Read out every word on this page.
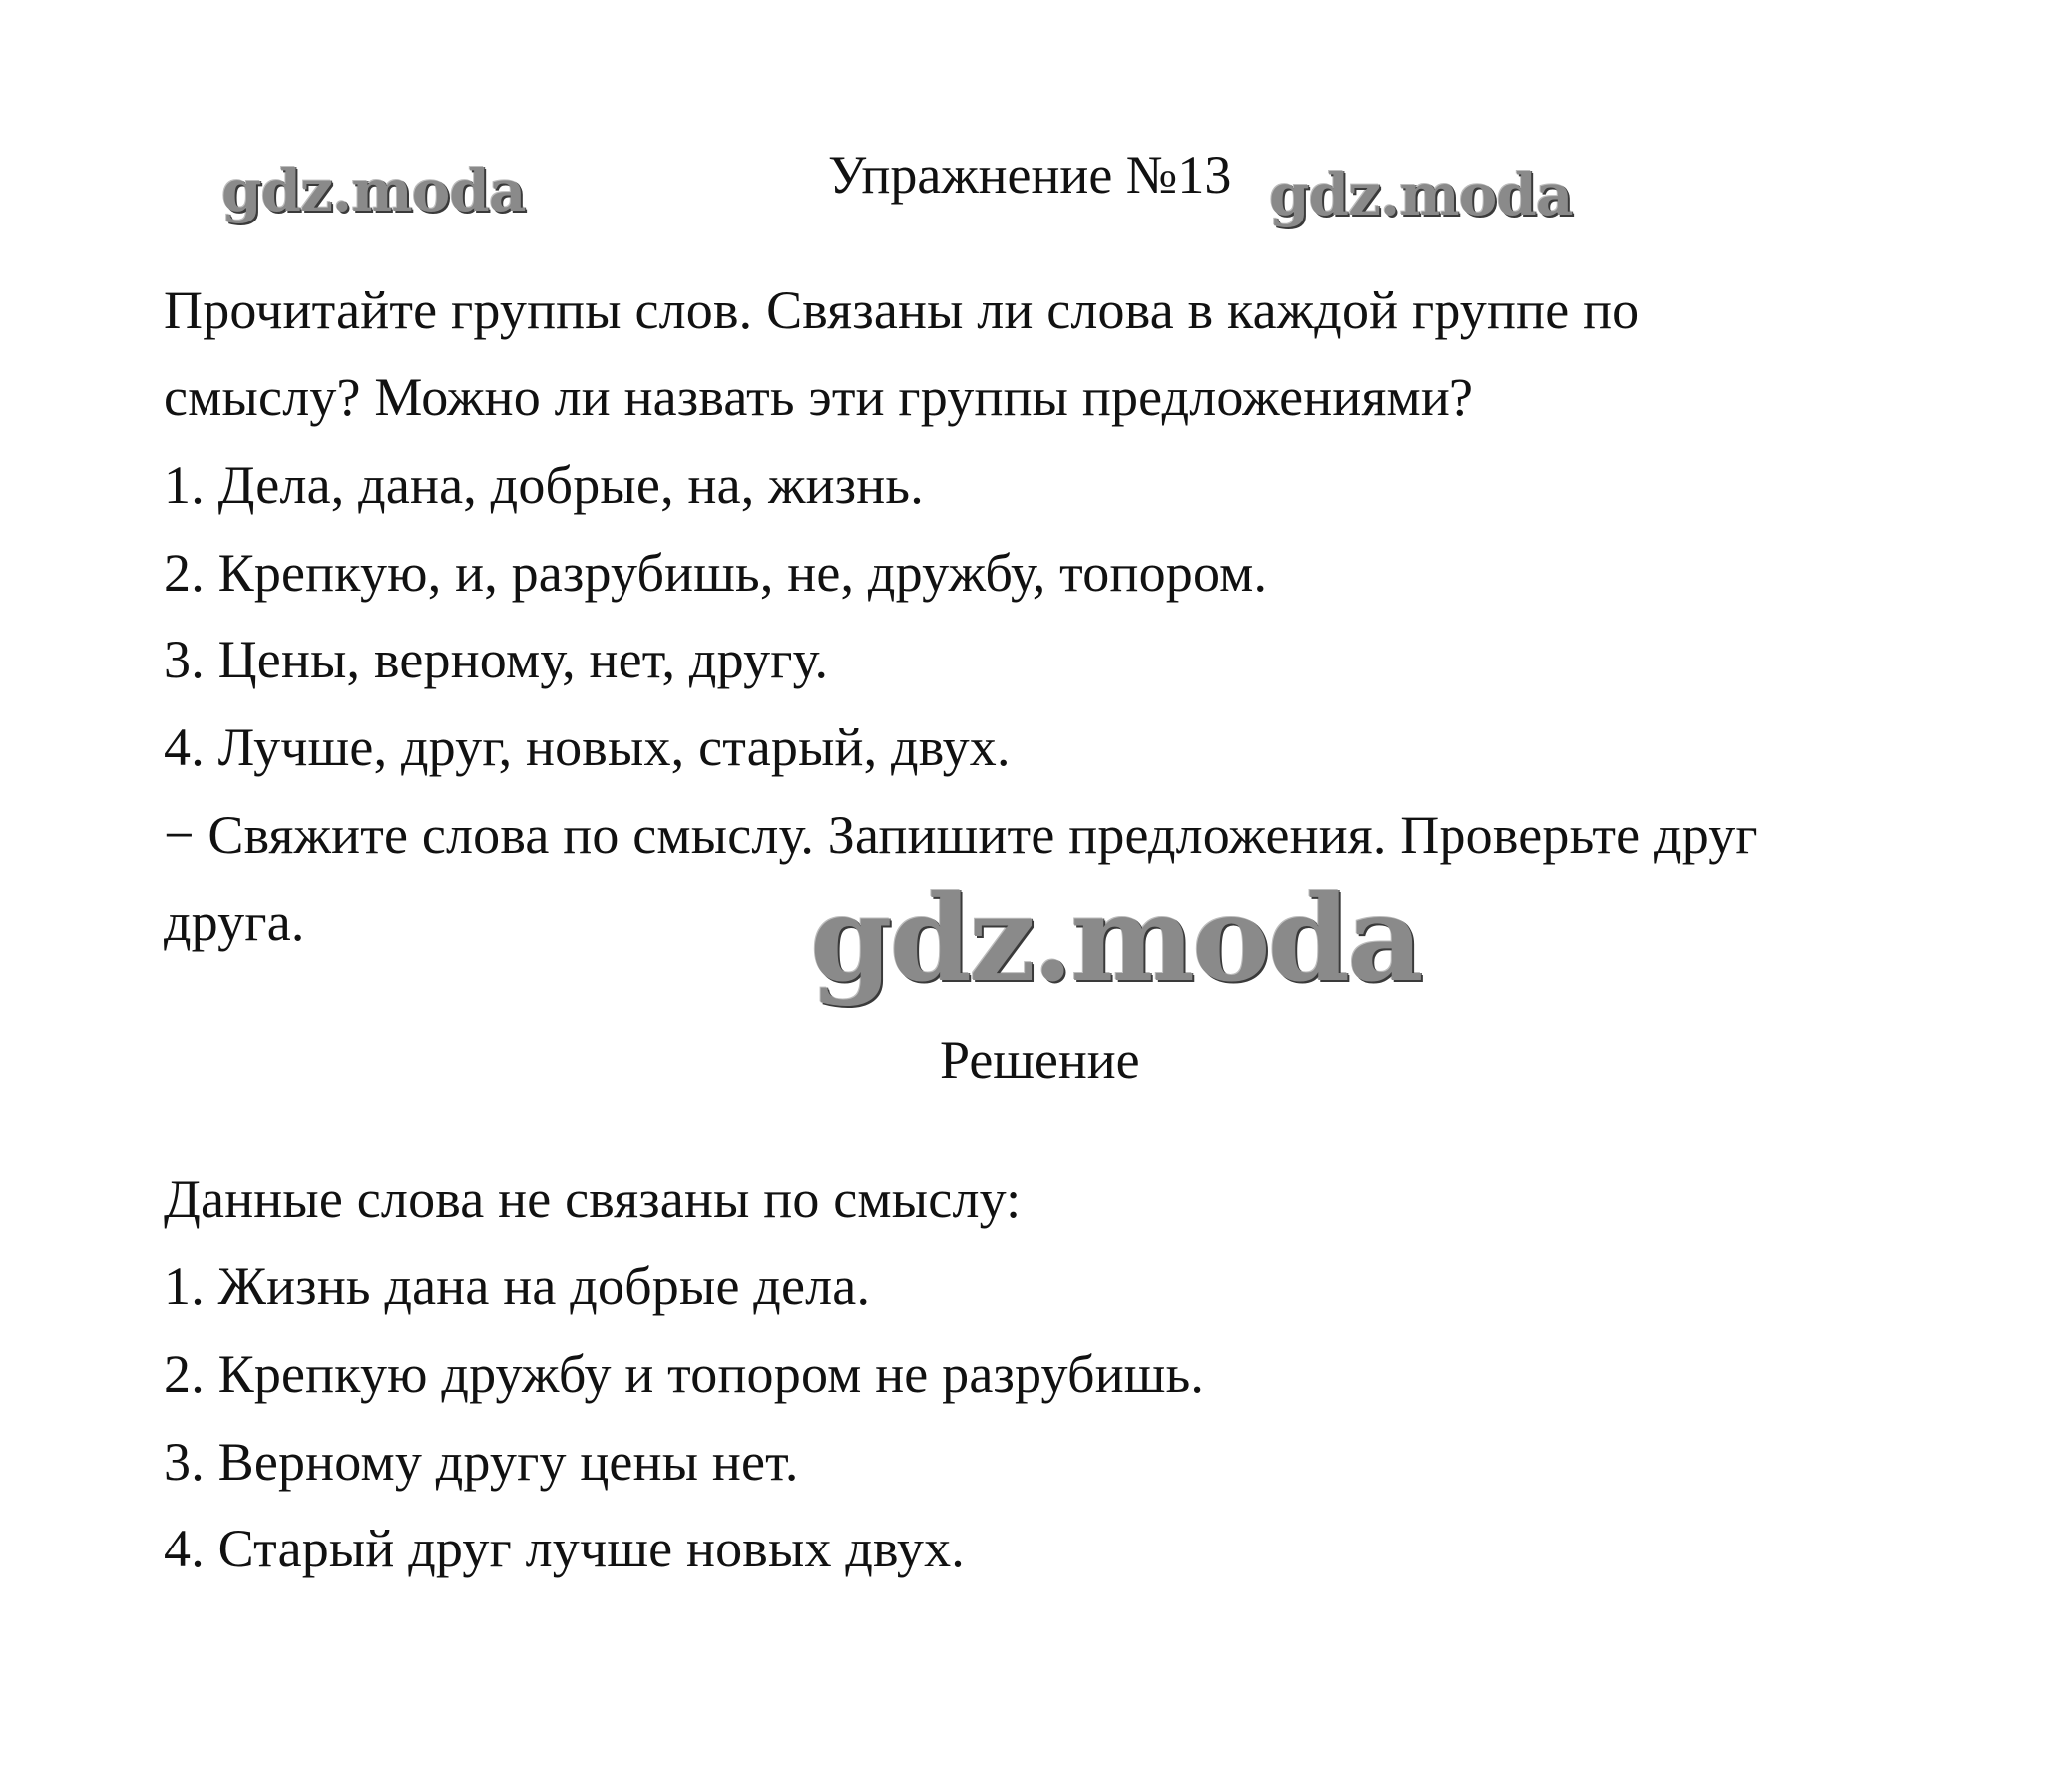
gdz.moda	Упражнение №13 gdz.moda
Прочитайте группы слов. Связаны ли слова в каждой группе по
смыслу? Можно ли назвать эти группы предложениями?
1. Дела, дана, добрые, на, жизнь.
2. Крепкую, и, разрубишь, не, дружбу, топором.
3. Цены, верному, нет, другу.
4. Лучше, друг, новых, старый, двух.
− Свяжите слова по смыслу. Запишите предложения. Проверьте друг
друга.	gdz.moda
Решение
Данные слова не связаны по смыслу:
1. Жизнь дана на добрые дела.
2. Крепкую дружбу и топором не разрубишь.
3. Верному другу цены нет.
4. Старый друг лучше новых двух.
